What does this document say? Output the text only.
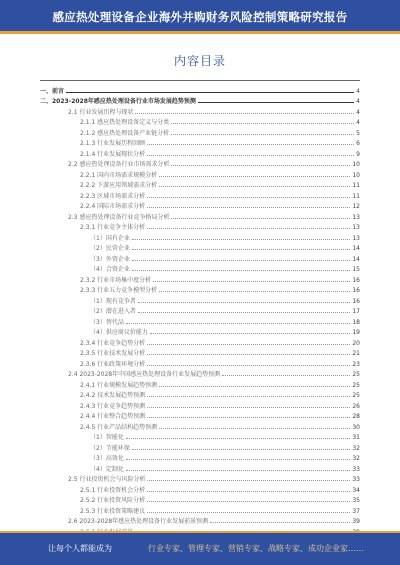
感应热处理设备企业海外并购财务风险控制策略研究报告
内容目录
一、前言	4
二、2023-2028年感应热处理设备行业市场发展趋势预测	4
2.1 行业发展历程与现状	4
2.1.1 感应热处理设备定义与分类	4
2.1.2 感应热处理设备产业链分析	5
2.1.3 行业发展历程回顾	6
2.1.4 行业发展现状分析	9
2.2 感应热处理设备行业市场需求分析	10
2.2.1 国内市场需求规模分析	10
2.2.2 下游应用领域需求分析	11
2.2.3 区域市场需求分析	11
2.2.4 国际市场需求分析	12
2.3 感应热处理设备行业竞争格局分析	13
2.3.1 行业竞争主体分析	13
（1）国有企业	13
（2）民营企业	14
（3）外资企业	14
（4）合资企业	15
2.3.2 行业市场集中度分析	16
2.3.3 行业五力竞争模型分析	16
（1）现有竞争者	16
（2）潜在进入者	17
（3）替代品	18
（4）供应商议价能力	19
2.3.4 行业竞争趋势分析	20
2.3.5 行业技术发展分析	21
2.3.6 行业政策环境分析	23
2.4 2023-2028年中国感应热处理设备行业发展趋势预测	25
2.4.1 行业规模发展趋势预测	25
2.4.2 技术发展趋势预测	25
2.4.3 行业竞争趋势预测	26
2.4.4 行业整合趋势预测	28
2.4.5 行业产品结构趋势预测	30
（1）智能化	31
（2）节能环保	32
（3）高效化	32
（4）定制化	33
2.5 行业投资机会与风险分析	33
2.5.1 行业投资机会分析	34
2.5.2 行业投资风险分析	35
2.5.3 行业投资策略建议	37
2.6 2023-2028年感应热处理设备行业发展前景预测	39
让每个人都能成为	行业专家、管理专家、营销专家、战略专家、成功企业家……
